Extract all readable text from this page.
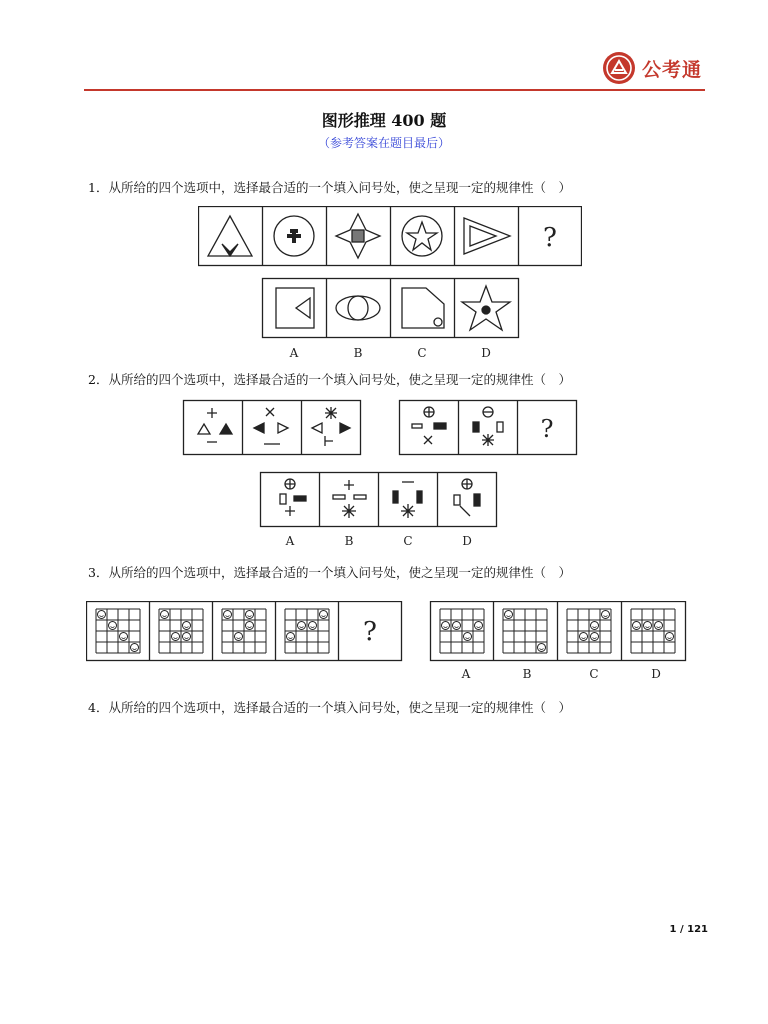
公考通
图形推理 400 题
（参考答案在题目最后）
1．从所给的四个选项中，选择最合适的一个填入问号处，使之呈现一定的规律性（　）
?
A	B	C	D
2．从所给的四个选项中，选择最合适的一个填入问号处，使之呈现一定的规律性（　）
?
A	B	C	D
3．从所给的四个选项中，选择最合适的一个填入问号处，使之呈现一定的规律性（　）
?
A	B	C	D
4．从所给的四个选项中，选择最合适的一个填入问号处，使之呈现一定的规律性（　）
1 / 121
